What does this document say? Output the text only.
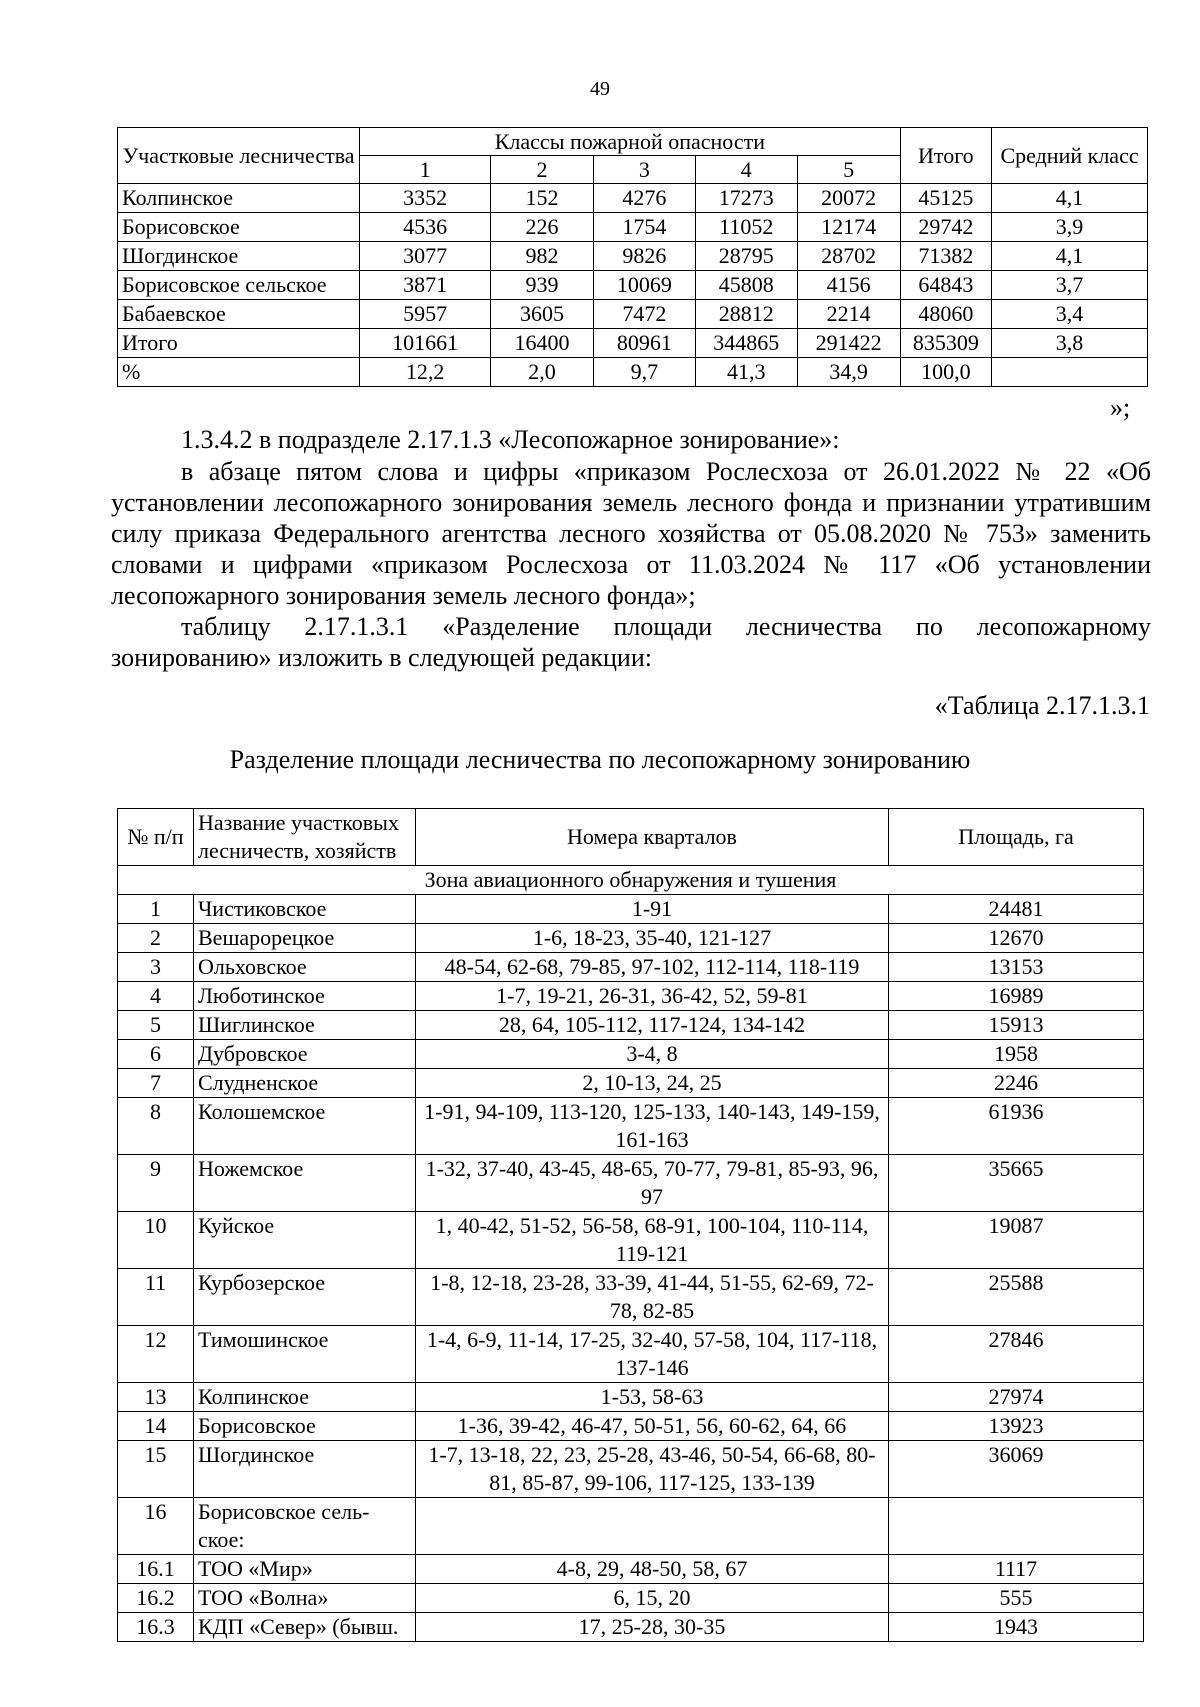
49
Участковые лесничества	Классы пожарной опасности					Итого	Средний класс
	1	2	3	4	5		
Колпинское	3352	152	4276	17273	20072	45125	4,1
Борисовское	4536	226	1754	11052	12174	29742	3,9
Шогдинское	3077	982	9826	28795	28702	71382	4,1
Борисовское сельское	3871	939	10069	45808	4156	64843	3,7
Бабаевское	5957	3605	7472	28812	2214	48060	3,4
Итого	101661	16400	80961	344865	291422	835309	3,8
%	12,2	2,0	9,7	41,3	34,9	100,0	
»;
1.3.4.2 в подразделе 2.17.1.3 «Лесопожарное зонирование»:
в абзаце пятом слова и цифры «приказом Рослесхоза от 26.01.2022 № 22 «Об установлении лесопожарного зонирования земель лесного фонда и признании утратившим силу приказа Федерального агентства лесного хозяйства от 05.08.2020 № 753» заменить словами и цифрами «приказом Рослесхоза от 11.03.2024 № 117 «Об установлении лесопожарного зонирования земель лесного фонда»;
таблицу 2.17.1.3.1 «Разделение площади лесничества по лесопожарному зонированию» изложить в следующей редакции:
«Таблица 2.17.1.3.1
Разделение площади лесничества по лесопожарному зонированию
№ п/п	Название участковых лесничеств, хозяйств	Номера кварталов	Площадь, га
Зона авиационного обнаружения и тушения			
1	Чистиковское	1-91	24481
2	Вешарорецкое	1-6, 18-23, 35-40, 121-127	12670
3	Ольховское	48-54, 62-68, 79-85, 97-102, 112-114, 118-119	13153
4	Люботинское	1-7, 19-21, 26-31, 36-42, 52, 59-81	16989
5	Шиглинское	28, 64, 105-112, 117-124, 134-142	15913
6	Дубровское	3-4, 8	1958
7	Слудненское	2, 10-13, 24, 25	2246
8	Колошемское	1-91, 94-109, 113-120, 125-133, 140-143, 149-159, 161-163	61936
9	Ножемское	1-32, 37-40, 43-45, 48-65, 70-77, 79-81, 85-93, 96, 97	35665
10	Куйское	1, 40-42, 51-52, 56-58, 68-91, 100-104, 110-114, 119-121	19087
11	Курбозерское	1-8, 12-18, 23-28, 33-39, 41-44, 51-55, 62-69, 72-78, 82-85	25588
12	Тимошинское	1-4, 6-9, 11-14, 17-25, 32-40, 57-58, 104, 117-118, 137-146	27846
13	Колпинское	1-53, 58-63	27974
14	Борисовское	1-36, 39-42, 46-47, 50-51, 56, 60-62, 64, 66	13923
15	Шогдинское	1-7, 13-18, 22, 23, 25-28, 43-46, 50-54, 66-68, 80-81, 85-87, 99-106, 117-125, 133-139	36069
16	Борисовское сель-ское:		
16.1	ТОО «Мир»	4-8, 29, 48-50, 58, 67	1117
16.2	ТОО «Волна»	6, 15, 20	555
16.3	КДП «Север» (бывш.	17, 25-28, 30-35	1943
